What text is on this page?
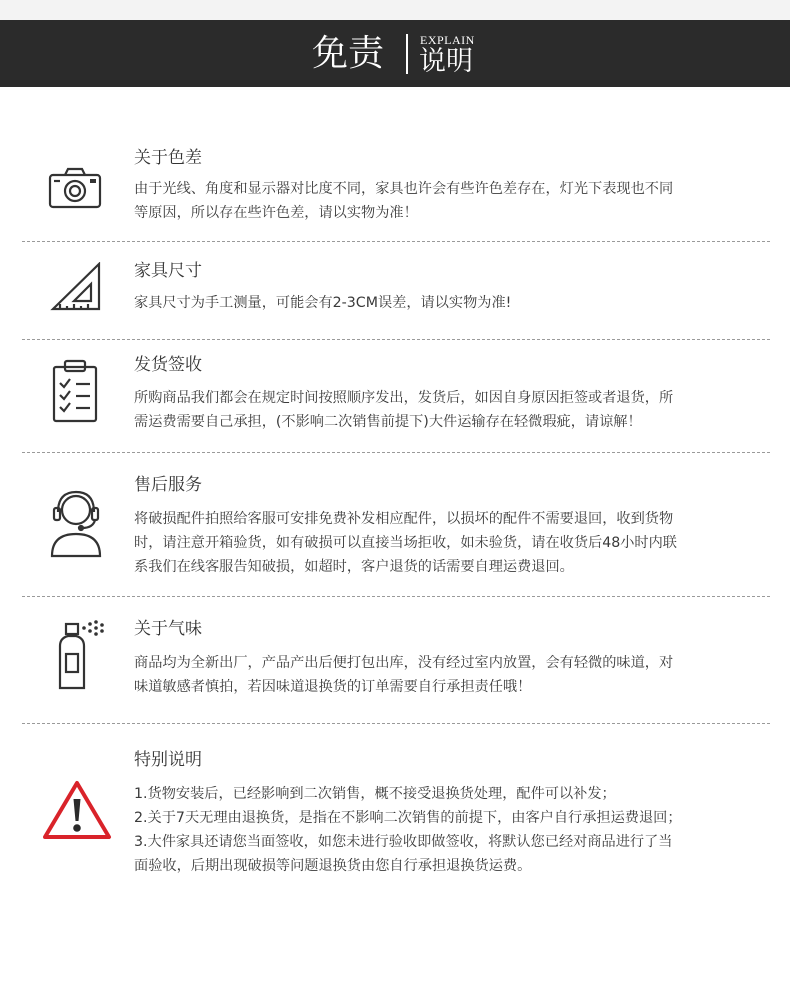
免责	EXPLAIN
说明
关于色差
由于光线、角度和显示器对比度不同，家具也许会有些许色差存在，灯光下表现也不同
等原因，所以存在些许色差，请以实物为准！
家具尺寸
家具尺寸为手工测量，可能会有2-3CM误差，请以实物为准!
发货签收
所购商品我们都会在规定时间按照顺序发出，发货后，如因自身原因拒签或者退货，所
需运费需要自己承担，(不影响二次销售前提下)大件运输存在轻微瑕疵，请谅解！
售后服务
将破损配件拍照给客服可安排免费补发相应配件，以损坏的配件不需要退回，收到货物
时，请注意开箱验货，如有破损可以直接当场拒收，如未验货，请在收货后48小时内联
系我们在线客服告知破损，如超时，客户退货的话需要自理运费退回。
关于气味
商品均为全新出厂，产品产出后便打包出库，没有经过室内放置，会有轻微的味道，对
味道敏感者慎拍，若因味道退换货的订单需要自行承担责任哦！
特别说明
1.货物安装后，已经影响到二次销售，概不接受退换货处理，配件可以补发；
2.关于7天无理由退换货，是指在不影响二次销售的前提下，由客户自行承担运费退回；
3.大件家具还请您当面签收，如您未进行验收即做签收，将默认您已经对商品进行了当
面验收，后期出现破损等问题退换货由您自行承担退换货运费。
